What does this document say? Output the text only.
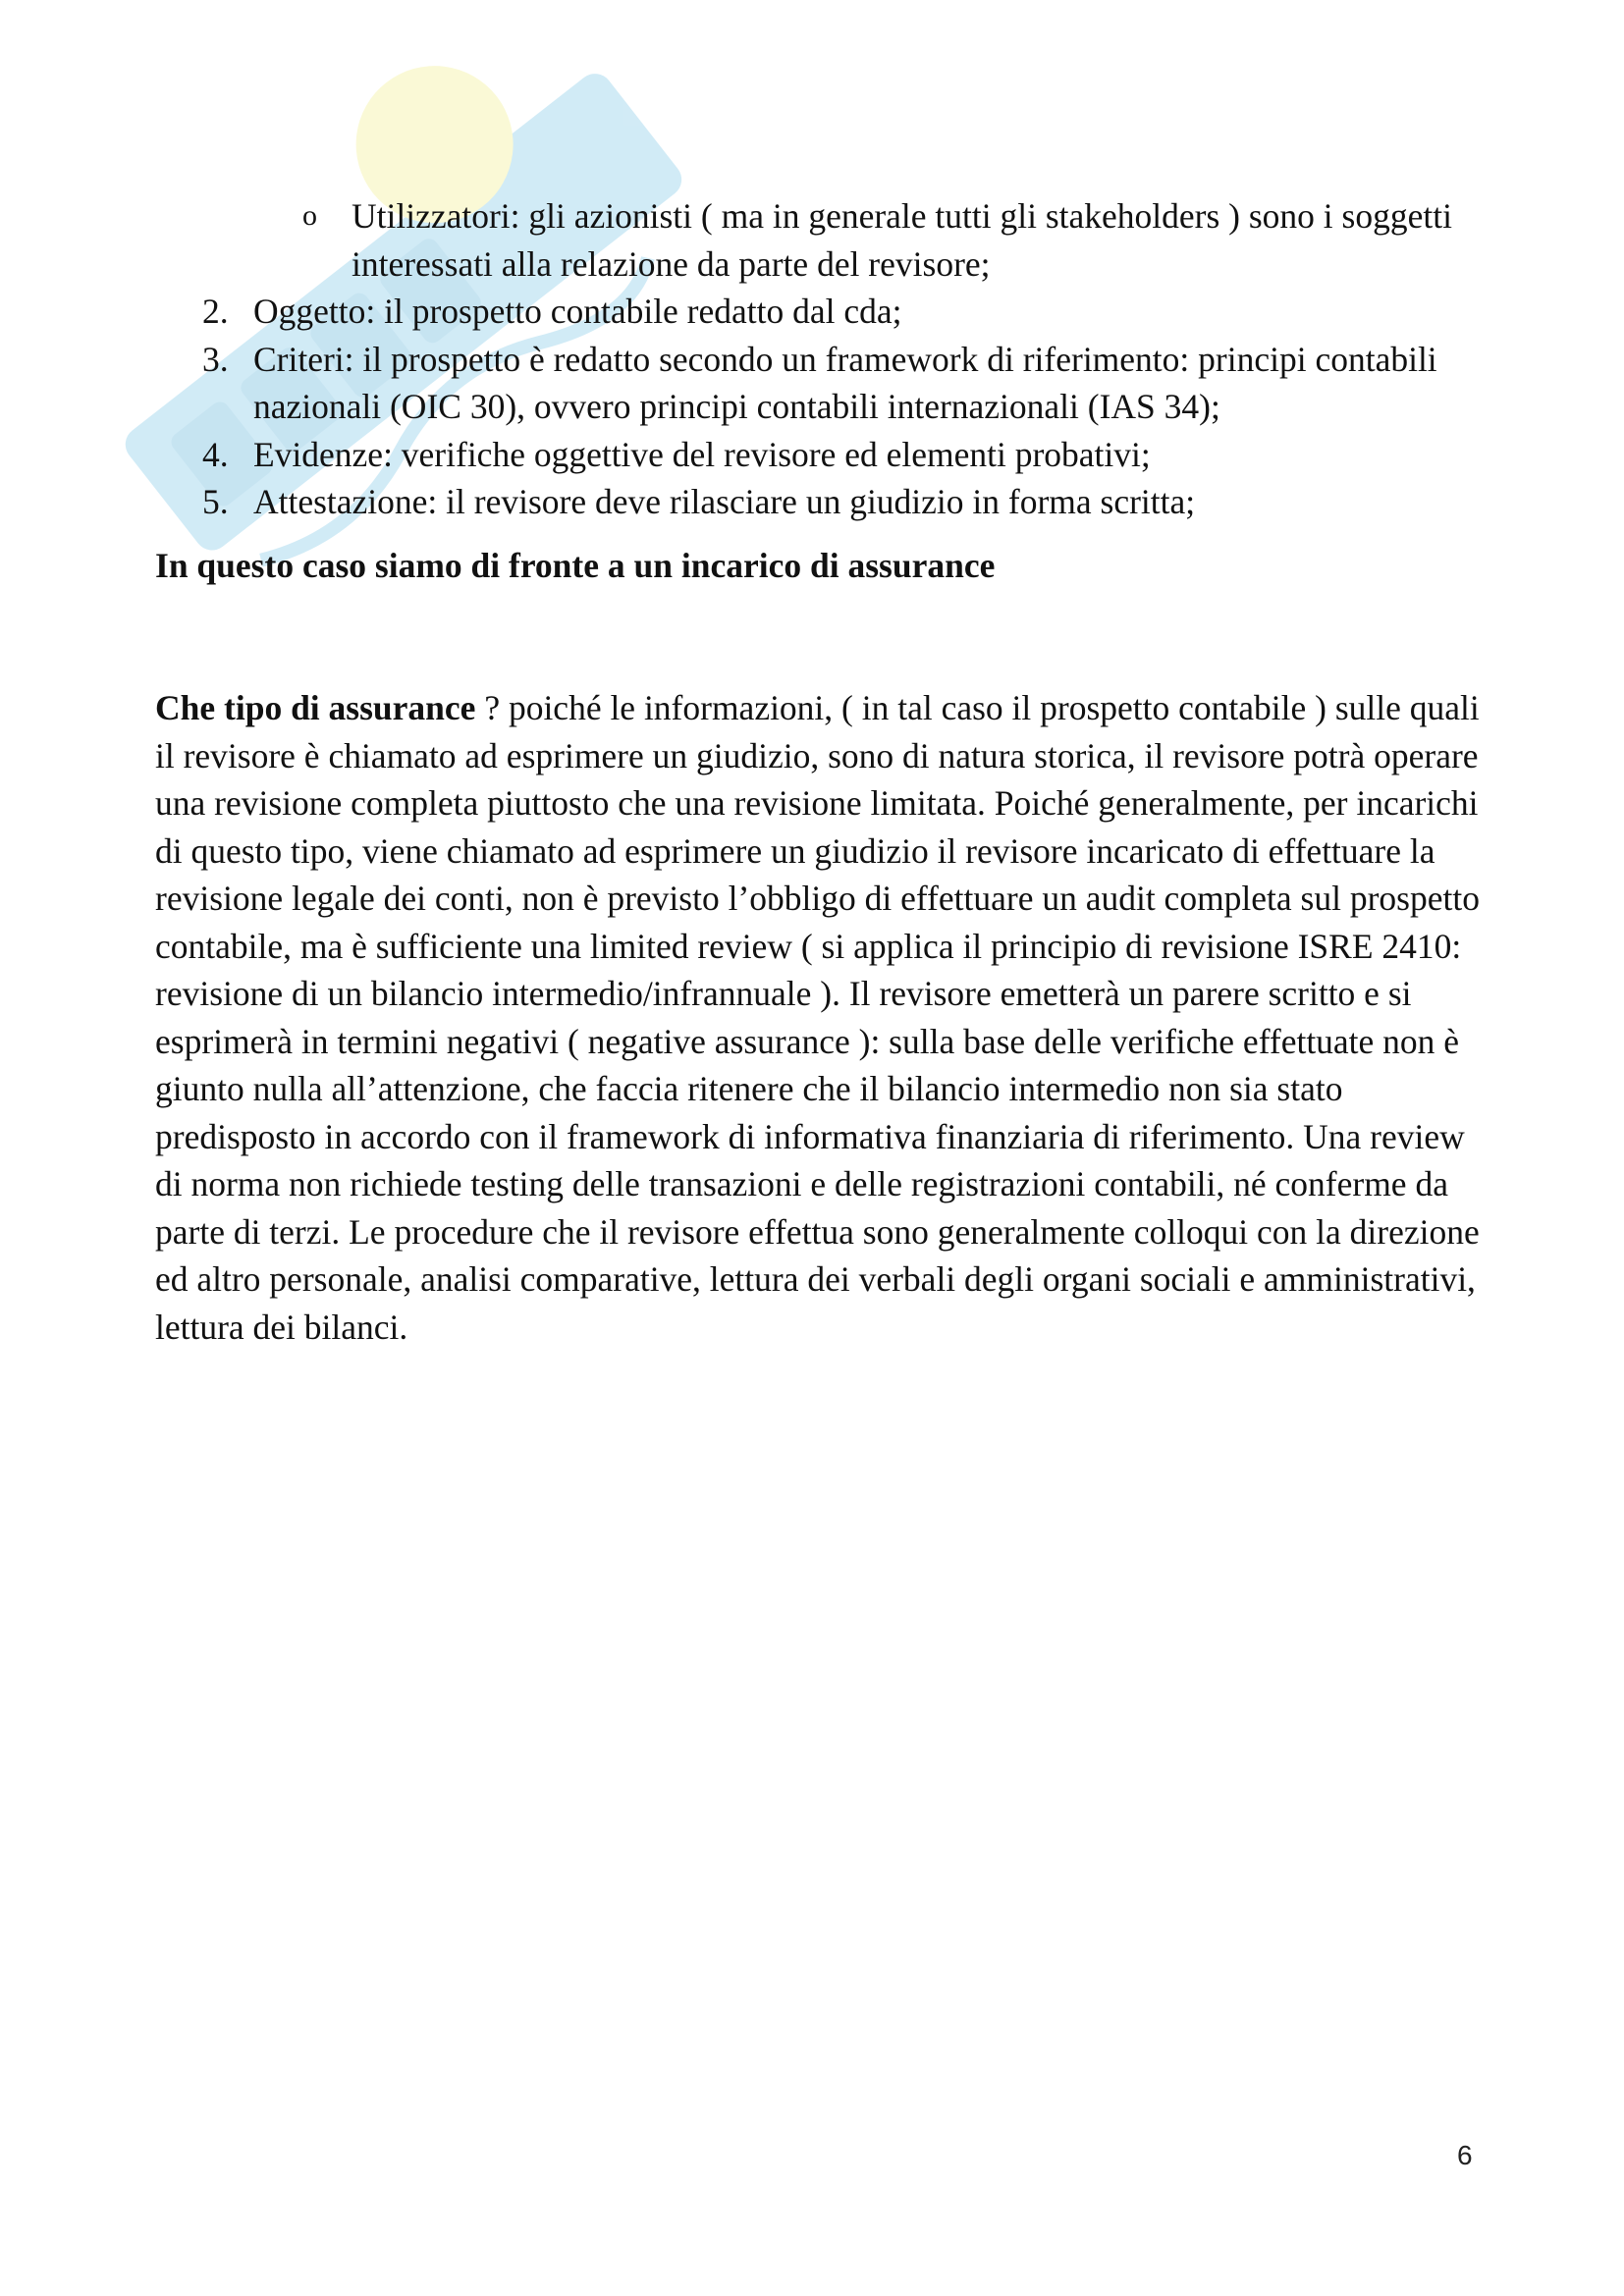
o Utilizzatori: gli azionisti ( ma in generale tutti gli stakeholders ) sono i soggetti interessati alla relazione da parte del revisore;

2. Oggetto: il prospetto contabile redatto dal cda;
3. Criteri: il prospetto è redatto secondo un framework di riferimento: principi contabili nazionali (OIC 30), ovvero principi contabili internazionali (IAS 34);
4. Evidenze: verifiche oggettive del revisore ed elementi probativi;
5. Attestazione: il revisore deve rilasciare un giudizio in forma scritta;

In questo caso siamo di fronte a un incarico di assurance

Che tipo di assurance ? poiché le informazioni, ( in tal caso il prospetto contabile ) sulle quali il revisore è chiamato ad esprimere un giudizio, sono di natura storica, il revisore potrà operare una revisione completa piuttosto che una revisione limitata. Poiché generalmente, per incarichi di questo tipo, viene chiamato ad esprimere un giudizio il revisore incaricato di effettuare la revisione legale dei conti, non è previsto l’obbligo di effettuare un audit completa sul prospetto contabile, ma è sufficiente una limited review ( si applica il principio di revisione ISRE 2410: revisione di un bilancio intermedio/infrannuale ). Il revisore emetterà un parere scritto e si esprimerà in termini negativi ( negative assurance ): sulla base delle verifiche effettuate non è giunto nulla all’attenzione, che faccia ritenere che il bilancio intermedio non sia stato predisposto in accordo con il framework di informativa finanziaria di riferimento. Una review di norma non richiede testing delle transazioni e delle registrazioni contabili, né conferme da parte di terzi. Le procedure che il revisore effettua sono generalmente colloqui con la direzione ed altro personale, analisi comparative, lettura dei verbali degli organi sociali e amministrativi, lettura dei bilanci.

6
